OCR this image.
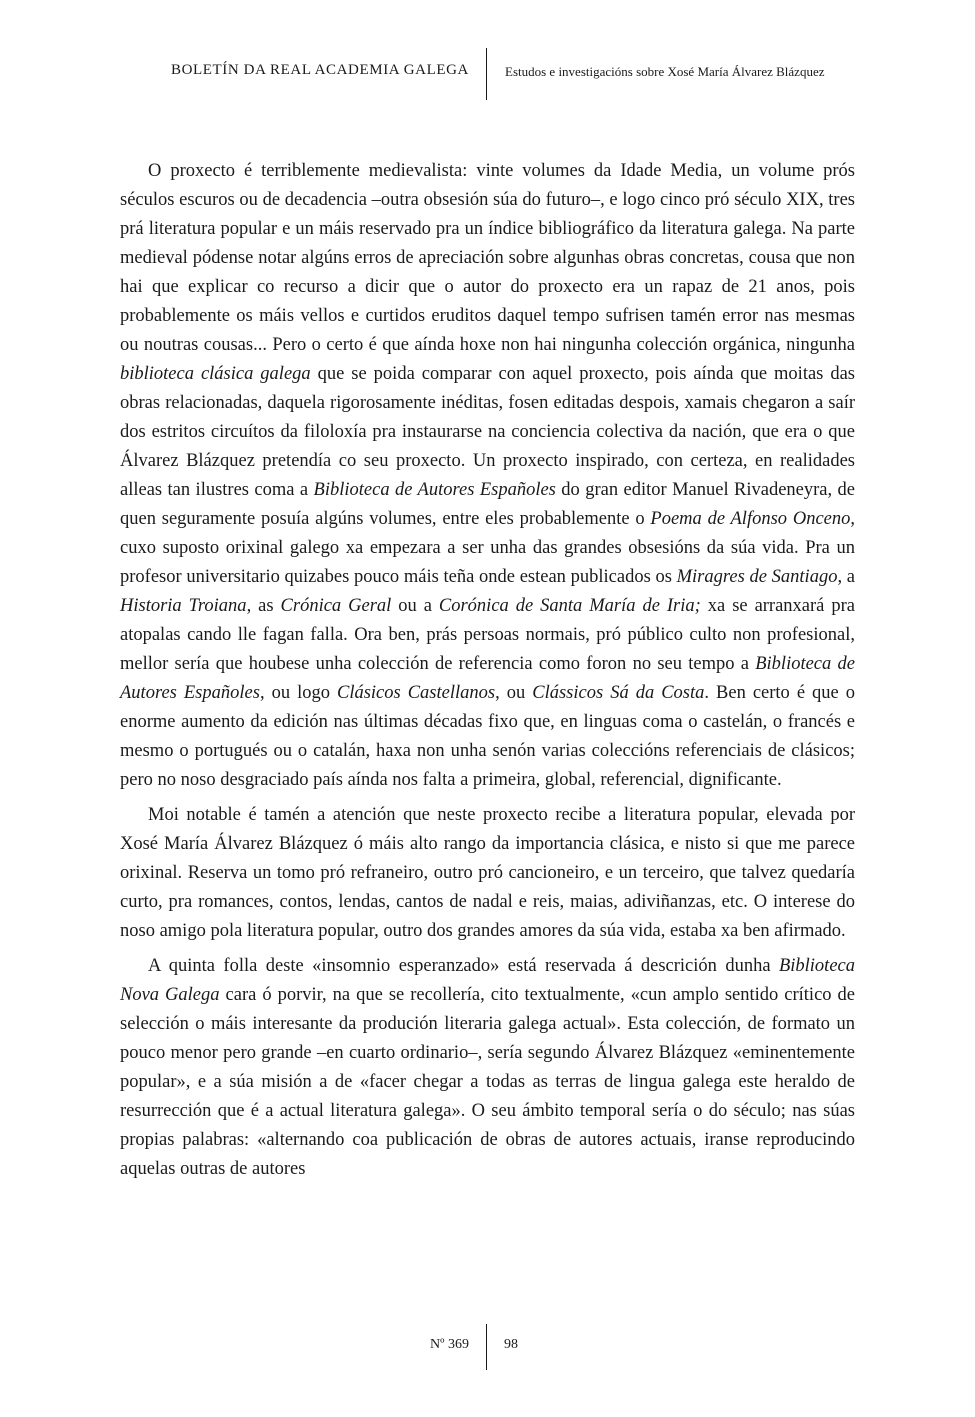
BOLETÍN DA REAL ACADEMIA GALEGA	Estudos e investigacións sobre Xosé María Álvarez Blázquez

O proxecto é terriblemente medievalista: vinte volumes da Idade Media, un volume prós séculos escuros ou de decadencia –outra obsesión súa do futuro–, e logo cinco pró século XIX, tres prá literatura popular e un máis reservado pra un índice bibliográfico da literatura galega. Na parte medieval pódense notar algúns erros de apreciación sobre algunhas obras concretas, cousa que non hai que explicar co recurso a dicir que o autor do proxecto era un rapaz de 21 anos, pois probablemente os máis vellos e curtidos eruditos daquel tempo sufrisen tamén error nas mesmas ou noutras cousas... Pero o certo é que aínda hoxe non hai ningunha colección orgánica, ningunha biblioteca clásica galega que se poida comparar con aquel proxecto, pois aínda que moitas das obras relacionadas, daquela rigorosamente inéditas, fosen editadas despois, xamais chegaron a saír dos estritos circuítos da filoloxía pra instaurarse na conciencia colectiva da nación, que era o que Álvarez Blázquez pretendía co seu proxecto. Un proxecto inspirado, con certeza, en realidades alleas tan ilustres coma a Biblioteca de Autores Españoles do gran editor Manuel Rivadeneyra, de quen seguramente posuía algúns volumes, entre eles probablemente o Poema de Alfonso Onceno, cuxo suposto orixinal galego xa empezara a ser unha das grandes obsesións da súa vida. Pra un profesor universitario quizabes pouco máis teña onde estean publicados os Miragres de Santiago, a Historia Troiana, as Crónica Geral ou a Corónica de Santa María de Iria; xa se arranxará pra atopalas cando lle fagan falla. Ora ben, prás persoas normais, pró público culto non profesional, mellor sería que houbese unha colección de referencia como foron no seu tempo a Biblioteca de Autores Españoles, ou logo Clásicos Castellanos, ou Clássicos Sá da Costa. Ben certo é que o enorme aumento da edición nas últimas décadas fixo que, en linguas coma o castelán, o francés e mesmo o portugués ou o catalán, haxa non unha senón varias coleccións referenciais de clásicos; pero no noso desgraciado país aínda nos falta a primeira, global, referencial, dignificante.

Moi notable é tamén a atención que neste proxecto recibe a literatura popular, elevada por Xosé María Álvarez Blázquez ó máis alto rango da importancia clásica, e nisto si que me parece orixinal. Reserva un tomo pró refraneiro, outro pró cancioneiro, e un terceiro, que talvez quedaría curto, pra romances, contos, lendas, cantos de nadal e reis, maias, adiviñanzas, etc. O interese do noso amigo pola literatura popular, outro dos grandes amores da súa vida, estaba xa ben afirmado.

A quinta folla deste «insomnio esperanzado» está reservada á descrición dunha Biblioteca Nova Galega cara ó porvir, na que se recollería, cito textualmente, «cun amplo sentido crítico de selección o máis interesante da produción literaria galega actual». Esta colección, de formato un pouco menor pero grande –en cuarto ordinario–, sería segundo Álvarez Blázquez «eminentemente popular», e a súa misión a de «facer chegar a todas as terras de lingua galega este heraldo de resurrección que é a actual literatura galega». O seu ámbito temporal sería o do século; nas súas propias palabras: «alternando coa publicación de obras de autores actuais, iranse reproducindo aquelas outras de autores

Nº 369	98
